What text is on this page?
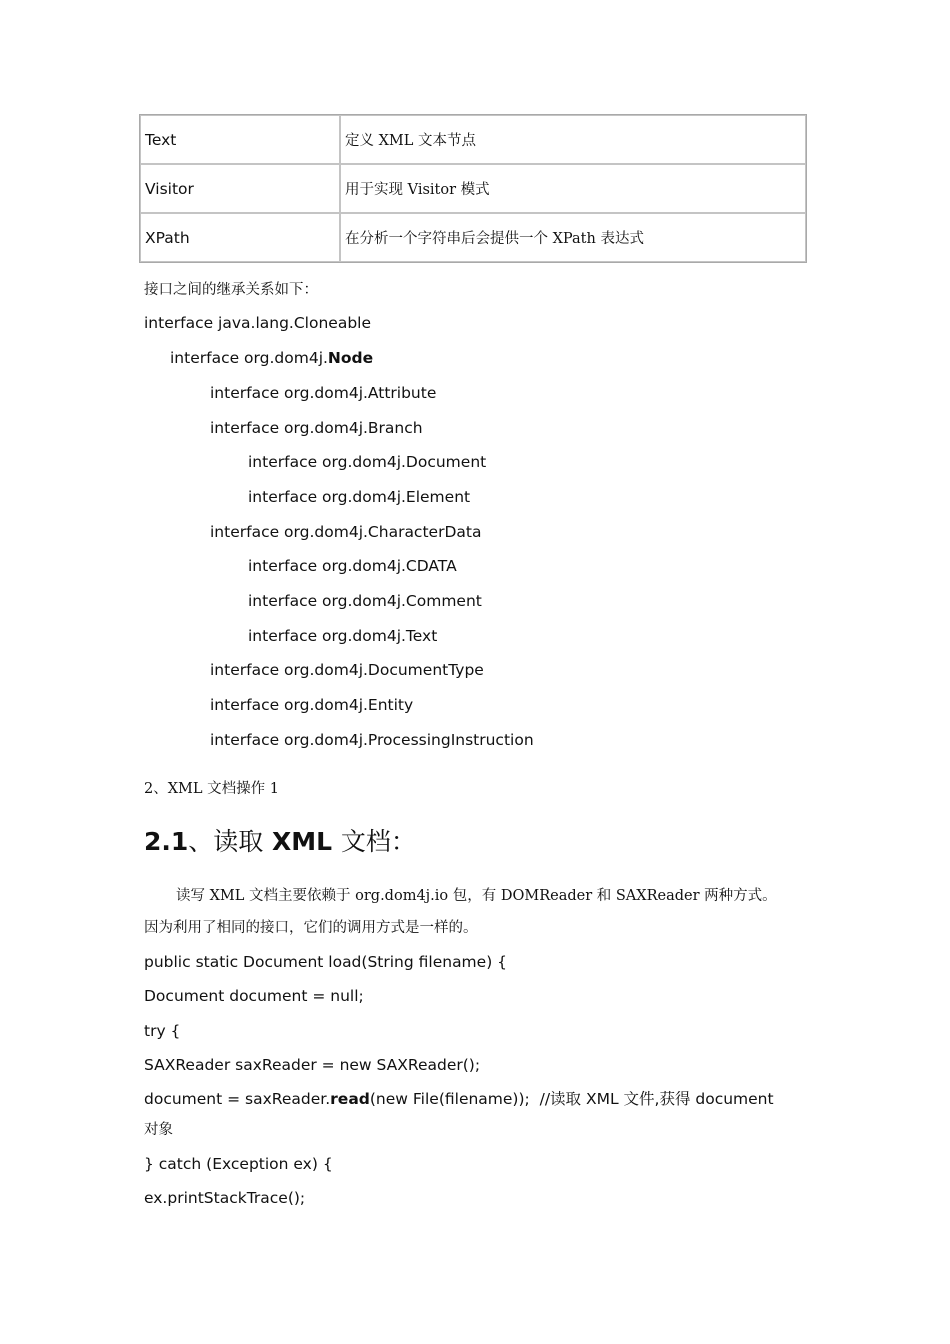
Text	定义 XML 文本节点
Visitor	用于实现 Visitor 模式
XPath	在分析一个字符串后会提供一个 XPath 表达式
接口之间的继承关系如下：
interface java.lang.Cloneable
interface org.dom4j.Node
interface org.dom4j.Attribute
interface org.dom4j.Branch
interface org.dom4j.Document
interface org.dom4j.Element
interface org.dom4j.CharacterData
interface org.dom4j.CDATA
interface org.dom4j.Comment
interface org.dom4j.Text
interface org.dom4j.DocumentType
interface org.dom4j.Entity
interface org.dom4j.ProcessingInstruction
2、XML 文档操作 1
2.1、读取 XML 文档：
读写 XML 文档主要依赖于 org.dom4j.io 包，有 DOMReader 和 SAXReader 两种方式。
因为利用了相同的接口，它们的调用方式是一样的。
public static Document load(String filename) {
Document document = null;
try {
SAXReader saxReader = new SAXReader();
document = saxReader.read(new File(filename));  //读取 XML 文件,获得 document
对象
} catch (Exception ex) {
ex.printStackTrace();
